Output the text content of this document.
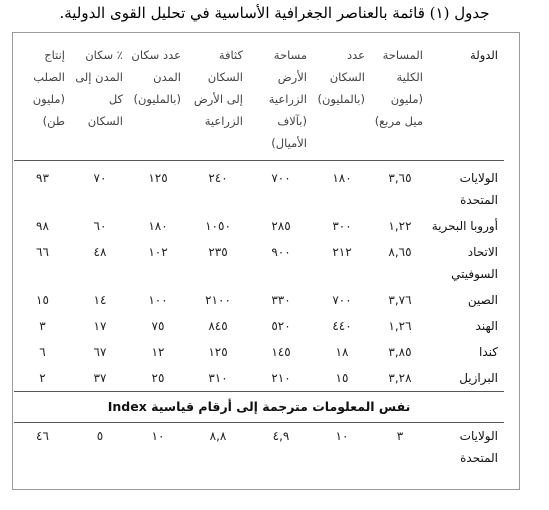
جدول (١) قائمة بالعناصر الجغرافية الأساسية في تحليل القوى الدولية.
الدولة	المساحة الكلية (مليون ميل مربع)	عدد السكان (بالمليون)	مساحة الأرض الزراعية (بآلاف الأميال)	كثافة السكان إلى الأرض الزراعية	عدد سكان المدن (بالمليون)	٪ سكان المدن إلى كل السكان	إنتاج الصلب (مليون طن)

الولايات المتحدة	٣,٦٥	١٨٠	٧٠٠	٢٤٠	١٢٥	٧٠	٩٣
أوروبا البحرية	١,٢٢	٣٠٠	٢٨٥	١٠٥٠	١٨٠	٦٠	٩٨
الاتحاد السوفيتي	٨,٦٥	٢١٢	٩٠٠	٢٣٥	١٠٢	٤٨	٦٦
الصين	٣,٧٦	٧٠٠	٣٣٠	٢١٠٠	١٠٠	١٤	١٥
الهند	١,٢٦	٤٤٠	٥٢٠	٨٤٥	٧٥	١٧	٣
كندا	٣,٨٥	١٨	١٤٥	١٢٥	١٢	٦٧	٦
البرازيل	٣,٢٨	١٥	٢١٠	٣١٠	٢٥	٣٧	٢
نفس المعلومات مترجمة إلى أرقام قياسية Index							
الولايات المتحدة	٣	١٠	٤,٩	٨,٨	١٠	٥	٤٦
